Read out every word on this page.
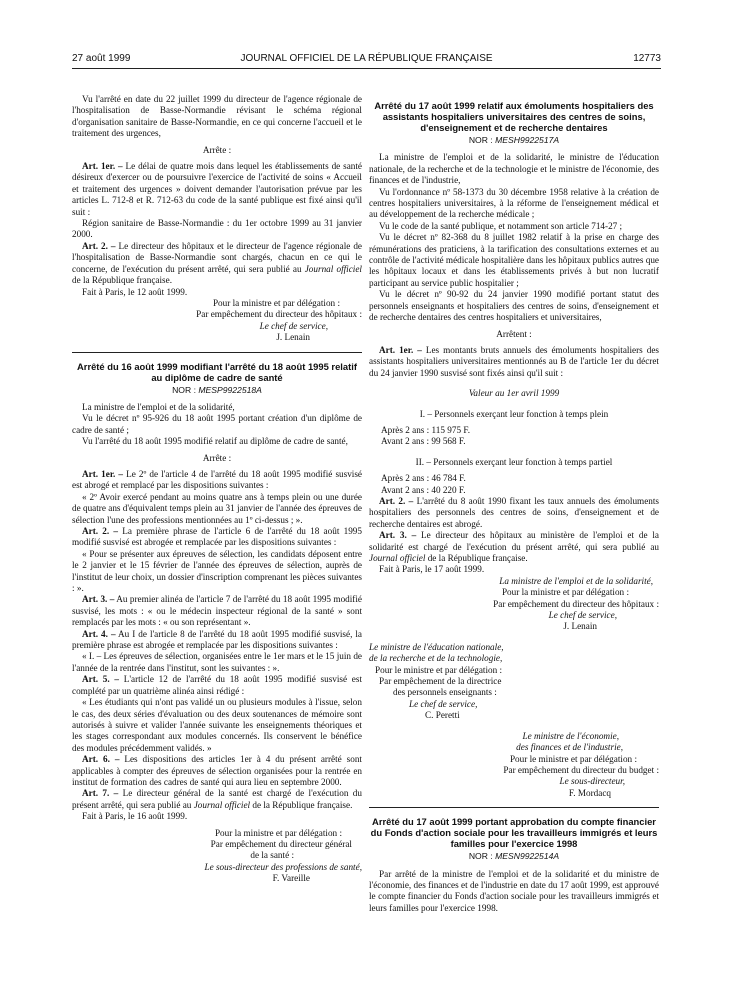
27 août 1999	JOURNAL OFFICIEL DE LA RÉPUBLIQUE FRANÇAISE	12773

Vu l'arrêté en date du 22 juillet 1999 du directeur de l'agence régionale de l'hospitalisation de Basse-Normandie révisant le schéma régional d'organisation sanitaire de Basse-Normandie, en ce qui concerne l'accueil et le traitement des urgences,

Arrête :

Art. 1er. – Le délai de quatre mois dans lequel les établissements de santé désireux d'exercer ou de poursuivre l'exercice de l'activité de soins « Accueil et traitement des urgences » doivent demander l'autorisation prévue par les articles L. 712-8 et R. 712-63 du code de la santé publique est fixé ainsi qu'il suit :

Région sanitaire de Basse-Normandie : du 1er octobre 1999 au 31 janvier 2000.

Art. 2. – Le directeur des hôpitaux et le directeur de l'agence régionale de l'hospitalisation de Basse-Normandie sont chargés, chacun en ce qui le concerne, de l'exécution du présent arrêté, qui sera publié au Journal officiel de la République française.

Fait à Paris, le 12 août 1999.

Pour la ministre et par délégation :

Par empêchement du directeur des hôpitaux :

Le chef de service,

J. Lenain

Arrêté du 16 août 1999 modifiant l'arrêté du 18 août 1995 relatif au diplôme de cadre de santé

NOR : MESP9922518A

La ministre de l'emploi et de la solidarité,

Vu le décret nº 95-926 du 18 août 1995 portant création d'un diplôme de cadre de santé ;

Vu l'arrêté du 18 août 1995 modifié relatif au diplôme de cadre de santé,

Arrête :

Art. 1er. – Le 2º de l'article 4 de l'arrêté du 18 août 1995 modifié susvisé est abrogé et remplacé par les dispositions suivantes :

« 2º Avoir exercé pendant au moins quatre ans à temps plein ou une durée de quatre ans d'équivalent temps plein au 31 janvier de l'année des épreuves de sélection l'une des professions mentionnées au 1º ci-dessus ; ».

Art. 2. – La première phrase de l'article 6 de l'arrêté du 18 août 1995 modifié susvisé est abrogée et remplacée par les dispositions suivantes :

« Pour se présenter aux épreuves de sélection, les candidats déposent entre le 2 janvier et le 15 février de l'année des épreuves de sélection, auprès de l'institut de leur choix, un dossier d'inscription comprenant les pièces suivantes : ».

Art. 3. – Au premier alinéa de l'article 7 de l'arrêté du 18 août 1995 modifié susvisé, les mots : « ou le médecin inspecteur régional de la santé » sont remplacés par les mots : « ou son représentant ».

Art. 4. – Au I de l'article 8 de l'arrêté du 18 août 1995 modifié susvisé, la première phrase est abrogée et remplacée par les dispositions suivantes :

« I. – Les épreuves de sélection, organisées entre le 1er mars et le 15 juin de l'année de la rentrée dans l'institut, sont les suivantes : ».

Art. 5. – L'article 12 de l'arrêté du 18 août 1995 modifié susvisé est complété par un quatrième alinéa ainsi rédigé :

« Les étudiants qui n'ont pas validé un ou plusieurs modules à l'issue, selon le cas, des deux séries d'évaluation ou des deux soutenances de mémoire sont autorisés à suivre et valider l'année suivante les enseignements théoriques et les stages correspondant aux modules concernés. Ils conservent le bénéfice des modules précédemment validés. »

Art. 6. – Les dispositions des articles 1er à 4 du présent arrêté sont applicables à compter des épreuves de sélection organisées pour la rentrée en institut de formation des cadres de santé qui aura lieu en septembre 2000.

Art. 7. – Le directeur général de la santé est chargé de l'exécution du présent arrêté, qui sera publié au Journal officiel de la République française.

Fait à Paris, le 16 août 1999.

Pour la ministre et par délégation :

Par empêchement du directeur général

de la santé :

Le sous-directeur des professions de santé,

F. Vareille

Arrêté du 17 août 1999 relatif aux émoluments hospitaliers des assistants hospitaliers universitaires des centres de soins, d'enseignement et de recherche dentaires

NOR : MESH9922517A

La ministre de l'emploi et de la solidarité, le ministre de l'éducation nationale, de la recherche et de la technologie et le ministre de l'économie, des finances et de l'industrie,

Vu l'ordonnance nº 58-1373 du 30 décembre 1958 relative à la création de centres hospitaliers universitaires, à la réforme de l'enseignement médical et au développement de la recherche médicale ;

Vu le code de la santé publique, et notamment son article 714-27 ;

Vu le décret nº 82-368 du 8 juillet 1982 relatif à la prise en charge des rémunérations des praticiens, à la tarification des consultations externes et au contrôle de l'activité médicale hospitalière dans les hôpitaux publics autres que les hôpitaux locaux et dans les établissements privés à but non lucratif participant au service public hospitalier ;

Vu le décret nº 90-92 du 24 janvier 1990 modifié portant statut des personnels enseignants et hospitaliers des centres de soins, d'enseignement et de recherche dentaires des centres hospitaliers et universitaires,

Arrêtent :

Art. 1er. – Les montants bruts annuels des émoluments hospitaliers des assistants hospitaliers universitaires mentionnés au B de l'article 1er du décret du 24 janvier 1990 susvisé sont fixés ainsi qu'il suit :

Valeur au 1er avril 1999

I. – Personnels exerçant leur fonction à temps plein

Après 2 ans : 115 975 F.

Avant 2 ans : 99 568 F.

II. – Personnels exerçant leur fonction à temps partiel

Après 2 ans : 46 784 F.

Avant 2 ans : 40 220 F.

Art. 2. – L'arrêté du 8 août 1990 fixant les taux annuels des émoluments hospitaliers des personnels des centres de soins, d'enseignement et de recherche dentaires est abrogé.

Art. 3. – Le directeur des hôpitaux au ministère de l'emploi et de la solidarité est chargé de l'exécution du présent arrêté, qui sera publié au Journal officiel de la République française.

Fait à Paris, le 17 août 1999.

La ministre de l'emploi et de la solidarité,

Pour la ministre et par délégation :

Par empêchement du directeur des hôpitaux :

Le chef de service,

J. Lenain

Le ministre de l'éducation nationale,

de la recherche et de la technologie,

Pour le ministre et par délégation :

Par empêchement de la directrice

des personnels enseignants :

Le chef de service,

C. Peretti

Le ministre de l'économie,

des finances et de l'industrie,

Pour le ministre et par délégation :

Par empêchement du directeur du budget :

Le sous-directeur,

F. Mordacq

Arrêté du 17 août 1999 portant approbation du compte financier du Fonds d'action sociale pour les travailleurs immigrés et leurs familles pour l'exercice 1998

NOR : MESN9922514A

Par arrêté de la ministre de l'emploi et de la solidarité et du ministre de l'économie, des finances et de l'industrie en date du 17 août 1999, est approuvé le compte financier du Fonds d'action sociale pour les travailleurs immigrés et leurs familles pour l'exercice 1998.
